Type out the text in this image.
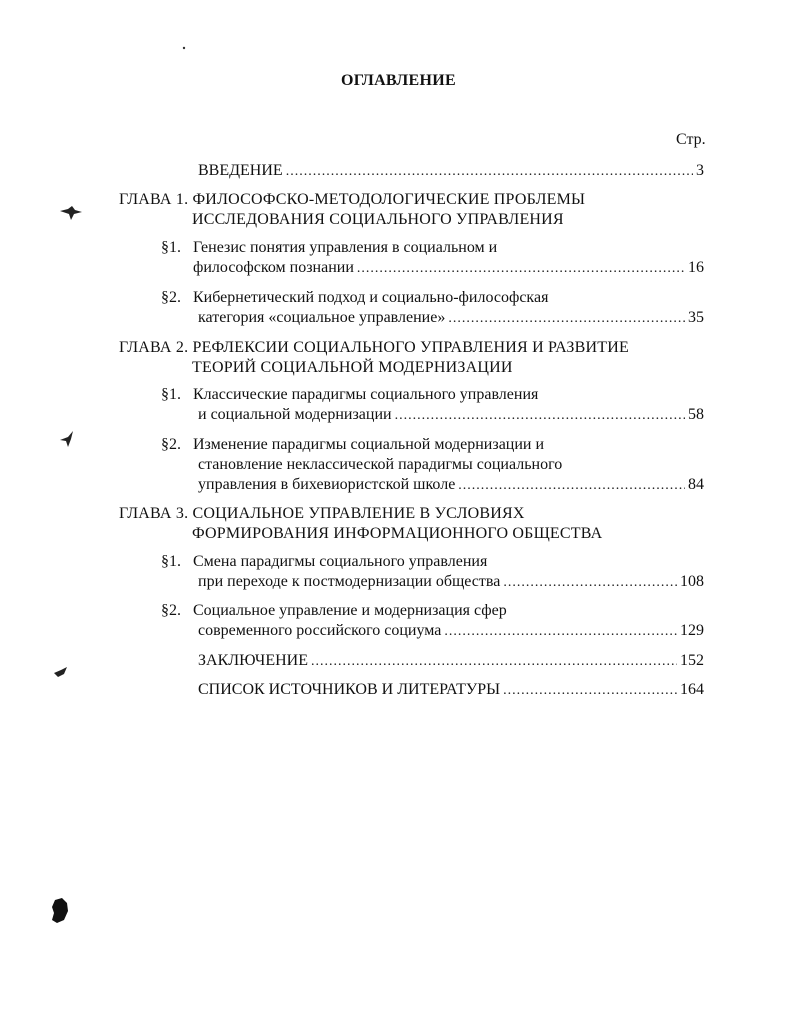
ОГЛАВЛЕНИЕ
Стр.
ВВЕДЕНИЕ .....	3
ГЛАВА 1. ФИЛОСОФСКО-МЕТОДОЛОГИЧЕСКИЕ ПРОБЛЕМЫ
ИССЛЕДОВАНИЯ СОЦИАЛЬНОГО УПРАВЛЕНИЯ
§1. Генезис понятия управления в социальном и
философском познании .....	16
§2. Кибернетический подход и социально-философская
категория «социальное управление» .....	35
ГЛАВА 2. РЕФЛЕКСИИ СОЦИАЛЬНОГО УПРАВЛЕНИЯ И РАЗВИТИЕ
ТЕОРИЙ СОЦИАЛЬНОЙ МОДЕРНИЗАЦИИ
§1. Классические парадигмы социального управления
и социальной модернизации .....	58
§2. Изменение парадигмы социальной модернизации и
становление неклассической парадигмы социального
управления в бихевиористской школе .....	84
ГЛАВА 3. СОЦИАЛЬНОЕ УПРАВЛЕНИЕ В УСЛОВИЯХ
ФОРМИРОВАНИЯ ИНФОРМАЦИОННОГО ОБЩЕСТВА
§1. Смена парадигмы социального управления
при переходе к постмодернизации общества .....	108
§2. Социальное управление и модернизация сфер
современного российского социума .....	129
ЗАКЛЮЧЕНИЕ .....	152
СПИСОК ИСТОЧНИКОВ И ЛИТЕРАТУРЫ .....	164
